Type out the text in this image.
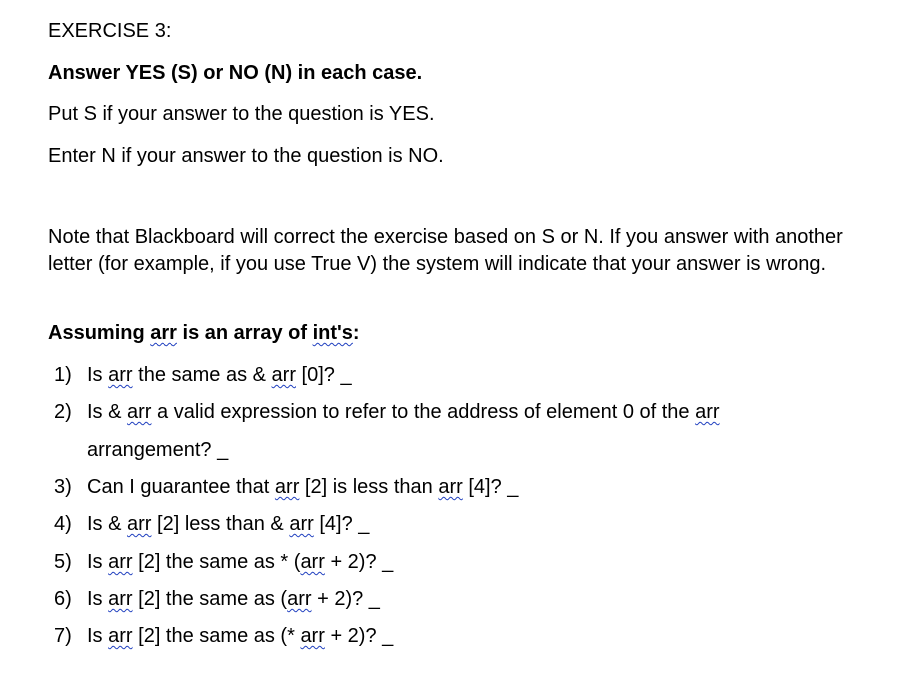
EXERCISE 3:
Answer YES (S) or NO (N) in each case.
Put S if your answer to the question is YES.
Enter N if your answer to the question is NO.
Note that Blackboard will correct the exercise based on S or N. If you answer with another letter (for example, if you use True V) the system will indicate that your answer is wrong.
Assuming arr is an array of int's:
1) Is arr the same as & arr [0]? _
2) Is & arr a valid expression to refer to the address of element 0 of the arr
arrangement? _
3) Can I guarantee that arr [2] is less than arr [4]? _
4) Is & arr [2] less than & arr [4]? _
5) Is arr [2] the same as * (arr + 2)? _
6) Is arr [2] the same as (arr + 2)? _
7) Is arr [2] the same as (* arr + 2)? _
